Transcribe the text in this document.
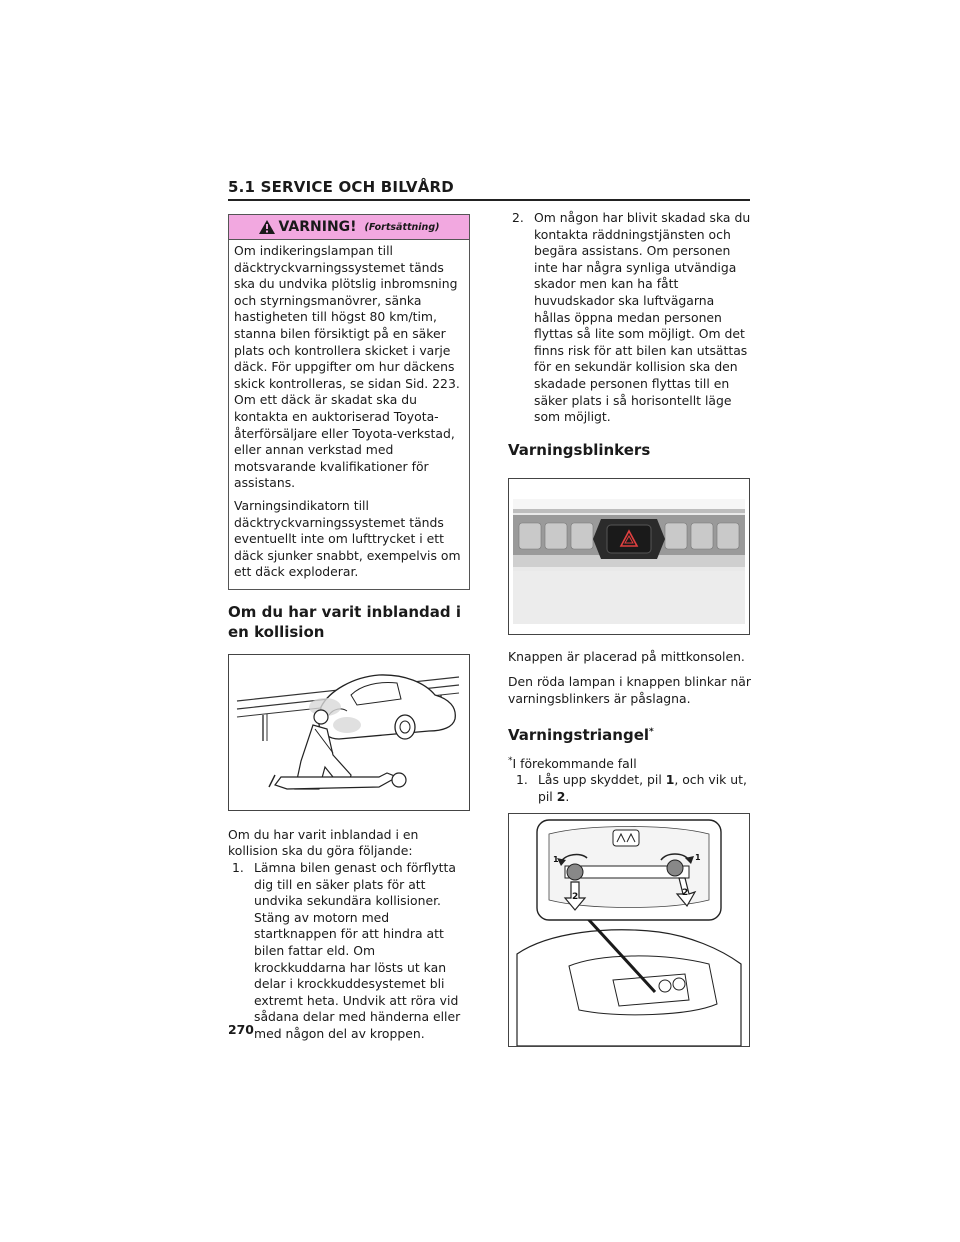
5.1 SERVICE OCH BILVÅRD
VARNING! (Fortsättning)

Om indikeringslampan till däcktryckvarningssystemet tänds ska du undvika plötslig inbromsning och styrningsmanövrer, sänka hastigheten till högst 80 km/tim, stanna bilen försiktigt på en säker plats och kontrollera skicket i varje däck. För uppgifter om hur däckens skick kontrolleras, se sidan Sid. 223. Om ett däck är skadat ska du kontakta en auktoriserad Toyota-återförsäljare eller Toyota-verkstad, eller annan verkstad med motsvarande kvalifikationer för assistans.

Varningsindikatorn till däcktryckvarningssystemet tänds eventuellt inte om lufttrycket i ett däck sjunker snabbt, exempelvis om ett däck exploderar.

Om du har varit inblandad i en kollision

Om du har varit inblandad i en kollision ska du göra följande:

1. Lämna bilen genast och förflytta dig till en säker plats för att undvika sekundära kollisioner. Stäng av motorn med startknappen för att hindra att bilen fattar eld. Om krockkuddarna har lösts ut kan delar i krockkuddesystemet bli extremt heta. Undvik att röra vid sådana delar med händerna eller med någon del av kroppen.
2. Om någon har blivit skadad ska du kontakta räddningstjänsten och begära assistans. Om personen inte har några synliga utvändiga skador men kan ha fått huvudskador ska luftvägarna hållas öppna medan personen flyttas så lite som möjligt. Om det finns risk för att bilen kan utsättas för en sekundär kollision ska den skadade personen flyttas till en säker plats i så horisontellt läge som möjligt.
Varningsblinkers

Knappen är placerad på mittkonsolen.

Den röda lampan i knappen blinkar när varningsblinkers är påslagna.

Varningstriangel*

*I förekommande fall

1. Lås upp skyddet, pil 1, och vik ut, pil 2.
2	2
1	1
270
